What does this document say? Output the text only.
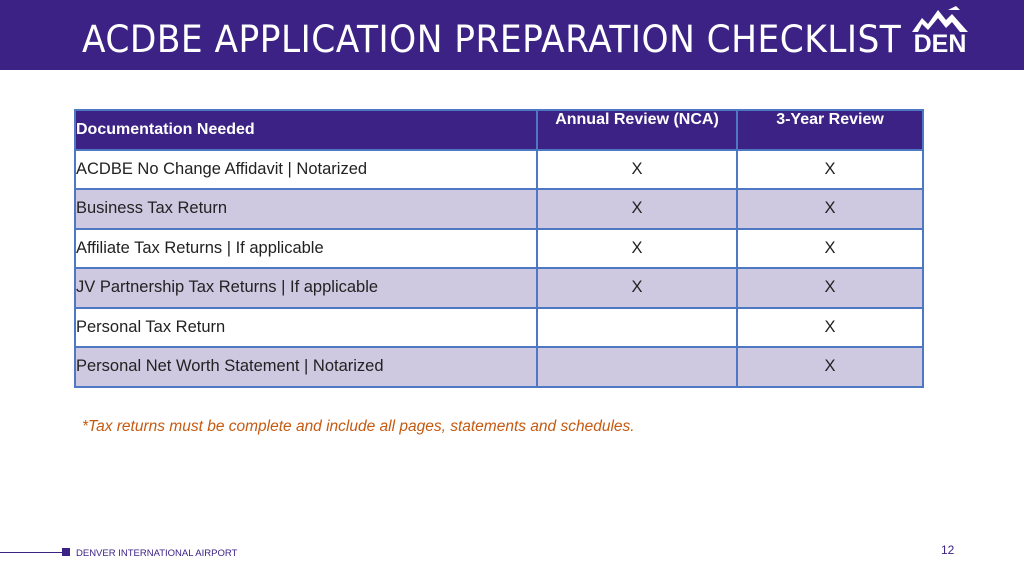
ACDBE APPLICATION PREPARATION CHECKLIST DEN
Documentation Needed	Annual Review (NCA)	3-Year Review
ACDBE No Change Affidavit | Notarized	X	X
Business Tax Return	X	X
Affiliate Tax Returns | If applicable	X	X
JV Partnership Tax Returns | If applicable	X	X
Personal Tax Return		X
Personal Net Worth Statement | Notarized		X
*Tax returns must be complete and include all pages, statements and schedules.
DENVER INTERNATIONAL AIRPORT	12
